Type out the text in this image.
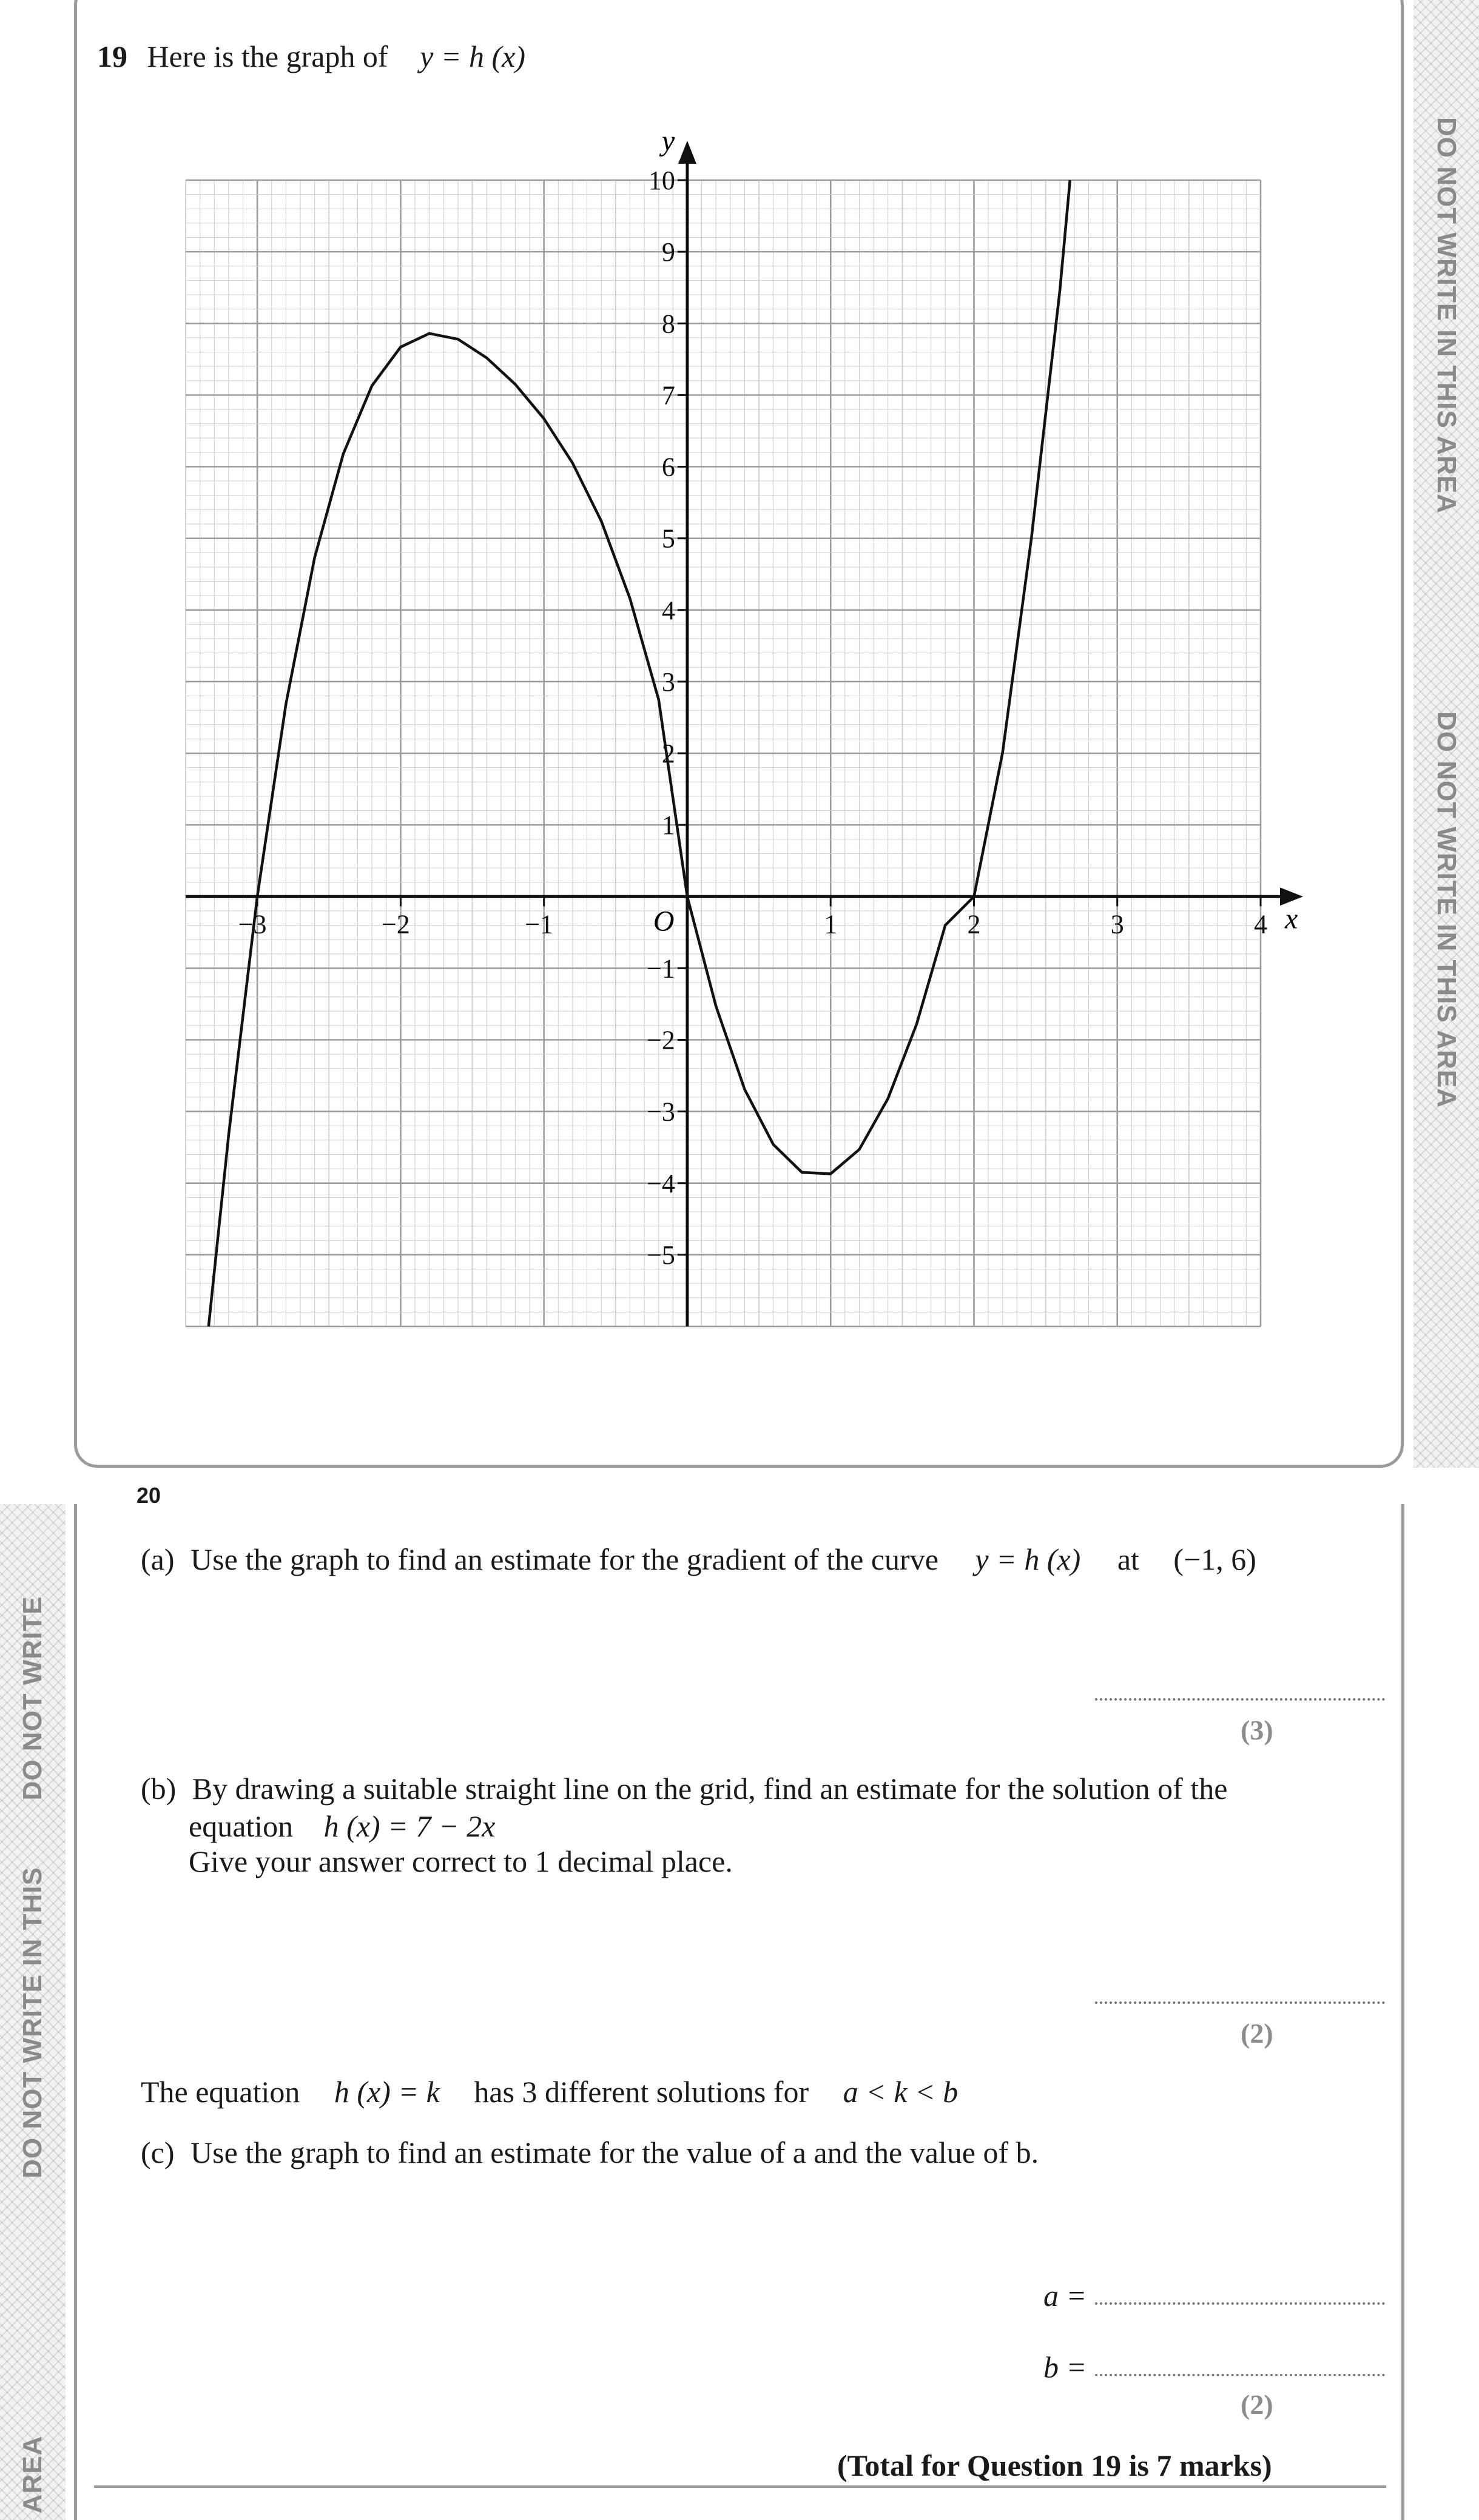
DO NOT WRITE IN THIS AREA
DO NOT WRITE IN THIS AREA
DO NOT WRITE
DO NOT WRITE IN THIS
AREA
19 Here is the graph of y = h (x)
−3	−2	−1	1	2	3	4
−5
−4
−3
−2
−1
1
2
3
4
5
6
7
8
9
10
x
y
O
20
(a) Use the graph to find an estimate for the gradient of the curve y = h (x) at (−1, 6)
(3)
(b) By drawing a suitable straight line on the grid, find an estimate for the solution of the
equation h (x) = 7 − 2x
Give your answer correct to 1 decimal place.
(2)
The equation h (x) = k has 3 different solutions for a < k < b
(c) Use the graph to find an estimate for the value of a and the value of b.
a =
b =
(2)
(Total for Question 19 is 7 marks)
